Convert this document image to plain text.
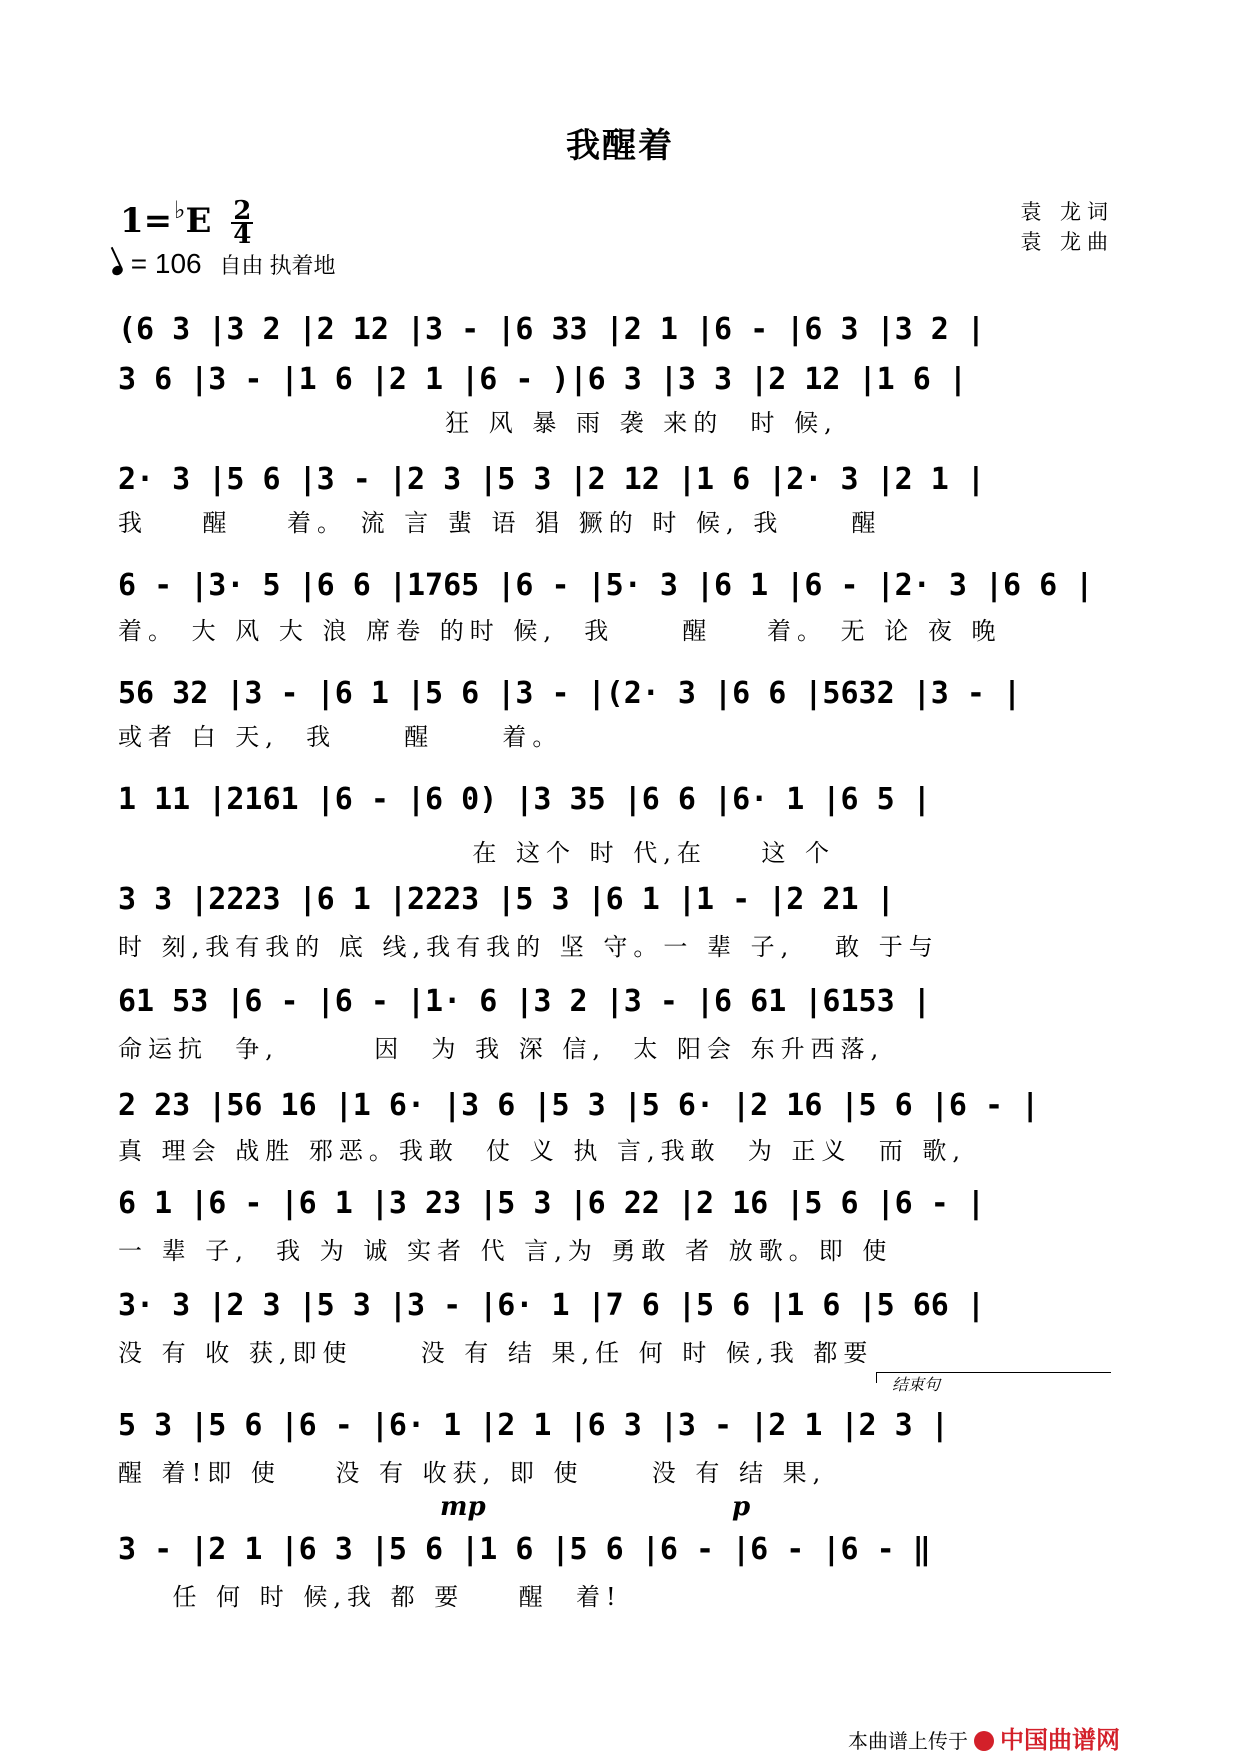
我醒着
$1=^♭E \frac{2}{4}$
= 106 自由 执着地
袁 龙词
袁 龙曲
(6 3 |3 2 |2 12 |3 - |6 33 |2 1 |6 - |6 3 |3 2 |
3 6 |3 - |1 6 |2 1 |6 - )|6 3 |3 3 |2 12 |1 6 |
狂 风 暴 雨 袭 来的  时 候,
2· 3 |5 6 |3 - |2 3 |5 3 |2 12 |1 6 |2· 3 |2 1 |
我    醒    着。 流 言 蜚 语 猖 獗的 时 候, 我     醒
6 - |3· 5 |6 6 |1765 |6 - |5· 3 |6 1 |6 - |2· 3 |6 6 |
着。 大 风 大 浪 席卷 的时 候,  我     醒    着。 无 论 夜 晚
56 32 |3 - |6 1 |5 6 |3 - |(2· 3 |6 6 |5632 |3 - |
或者 白 天,  我     醒     着。
1 11 |2161 |6 - |6 0) |3 35 |6 6 |6· 1 |6 5 |
在 这个 时 代,在    这 个
3 3 |2223 |6 1 |2223 |5 3 |6 1 |1 - |2 21 |
时 刻,我有我的 底 线,我有我的 坚 守。一 辈 子,   敢 于与
61 53 |6 - |6 - |1· 6 |3 2 |3 - |6 61 |6153 |
命运抗  争,       因  为 我 深 信,  太 阳会 东升西落,
2 23 |56 16 |1 6· |3 6 |5 3 |5 6· |2 16 |5 6 |6 - |
真 理会 战胜 邪恶。我敢  仗 义 执 言,我敢  为 正义  而 歌,
6 1 |6 - |6 1 |3 23 |5 3 |6 22 |2 16 |5 6 |6 - |
一 辈 子,  我 为 诚 实者 代 言,为 勇敢 者 放歌。即 使
3· 3 |2 3 |5 3 |3 - |6· 1 |7 6 |5 6 |1 6 |5 66 |
没 有 收 获,即使     没 有 结 果,任 何 时 候,我 都要
结束句
5 3 |5 6 |6 - |6· 1 |2 1 |6 3 |3 - |2 1 |2 3 |
醒 着!即 使    没 有 收获, 即 使     没 有 结 果,
mp	p
3 - |2 1 |6 3 |5 6 |1 6 |5 6 |6 - |6 - |6 - ‖
任 何 时 候,我 都 要    醒  着!
本曲谱上传于 中国曲谱网
